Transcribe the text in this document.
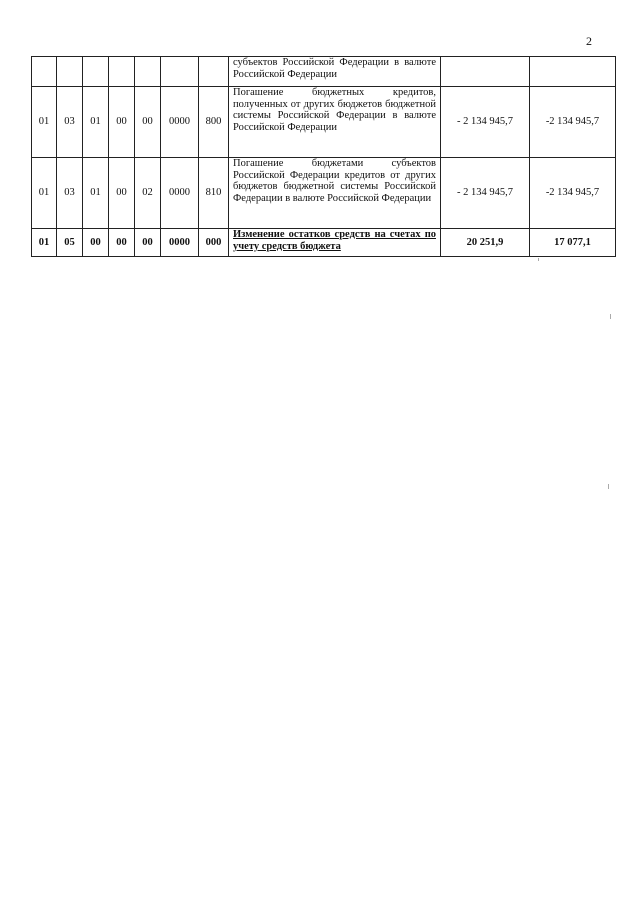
2
							субъектов Российской Федерации в валюте Российской Федерации		
01	03	01	00	00	0000	800	Погашение бюджетных кредитов, полученных от других бюджетов бюджетной системы Российской Федерации в валюте Российской Федерации	- 2 134 945,7	-2 134 945,7
01	03	01	00	02	0000	810	Погашение бюджетами субъектов Российской Федерации кредитов от других бюджетов бюджетной системы Российской Федерации в валюте Российской Федерации	- 2 134 945,7	-2 134 945,7
01	05	00	00	00	0000	000	Изменение остатков средств на счетах по учету средств бюджета	20 251,9	17 077,1
